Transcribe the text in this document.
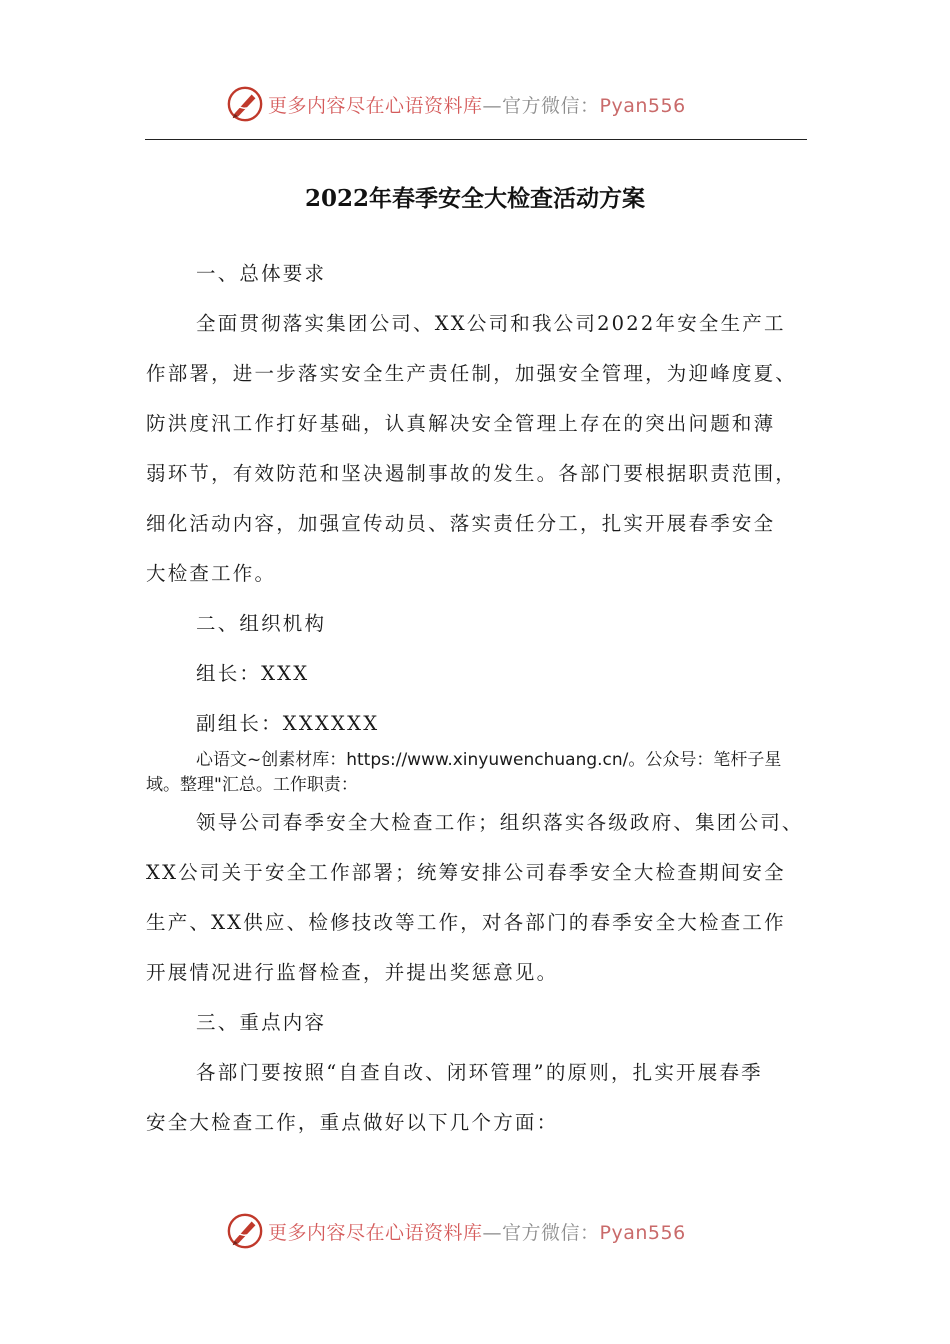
更多内容尽在心语资料库—官方微信：Pyan556
2022年春季安全大检查活动方案
一、总体要求
全面贯彻落实集团公司、XX公司和我公司2022年安全生产工
作部署，进一步落实安全生产责任制，加强安全管理，为迎峰度夏、
防洪度汛工作打好基础，认真解决安全管理上存在的突出问题和薄
弱环节，有效防范和坚决遏制事故的发生。各部门要根据职责范围，
细化活动内容，加强宣传动员、落实责任分工，扎实开展春季安全
大检查工作。
二、组织机构
组长：XXX
副组长：XXXXXX
心语文~创素材库：https://www.xinyuwenchuang.cn/。公众号：笔杆子星
域。整理"汇总。工作职责：
领导公司春季安全大检查工作；组织落实各级政府、集团公司、
XX公司关于安全工作部署；统筹安排公司春季安全大检查期间安全
生产、XX供应、检修技改等工作，对各部门的春季安全大检查工作
开展情况进行监督检查，并提出奖惩意见。
三、重点内容
各部门要按照“自查自改、闭环管理”的原则，扎实开展春季
安全大检查工作，重点做好以下几个方面：
更多内容尽在心语资料库—官方微信：Pyan556
